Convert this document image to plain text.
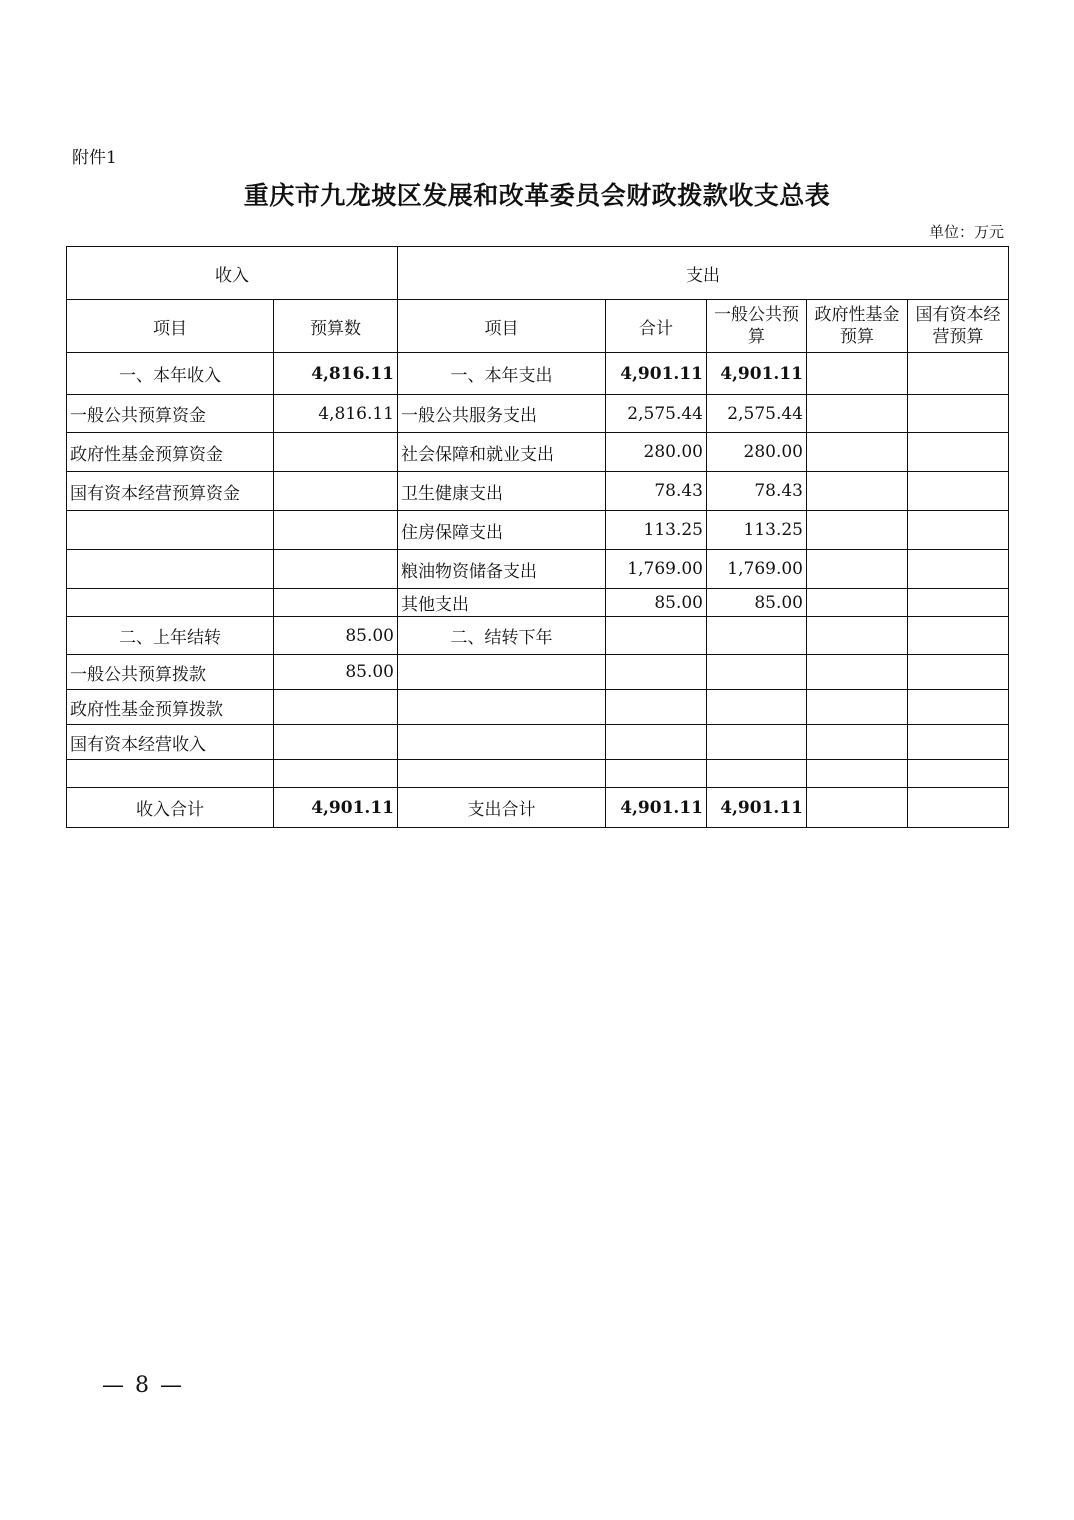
附件1
重庆市九龙坡区发展和改革委员会财政拨款收支总表
单位：万元
收入		支出				
项目	预算数	项目	合计	一般公共预算	政府性基金预算	国有资本经营预算
一、本年收入	4,816.11	一、本年支出	4,901.11	4,901.11		
一般公共预算资金	4,816.11	一般公共服务支出	2,575.44	2,575.44		
政府性基金预算资金		社会保障和就业支出	280.00	280.00		
国有资本经营预算资金		卫生健康支出	78.43	78.43		
		住房保障支出	113.25	113.25		
		粮油物资储备支出	1,769.00	1,769.00		
		其他支出	85.00	85.00		
二、上年结转	85.00	二、结转下年				
一般公共预算拨款	85.00					
政府性基金预算拨款						
国有资本经营收入						

收入合计	4,901.11	支出合计	4,901.11	4,901.11		
— 8 —
